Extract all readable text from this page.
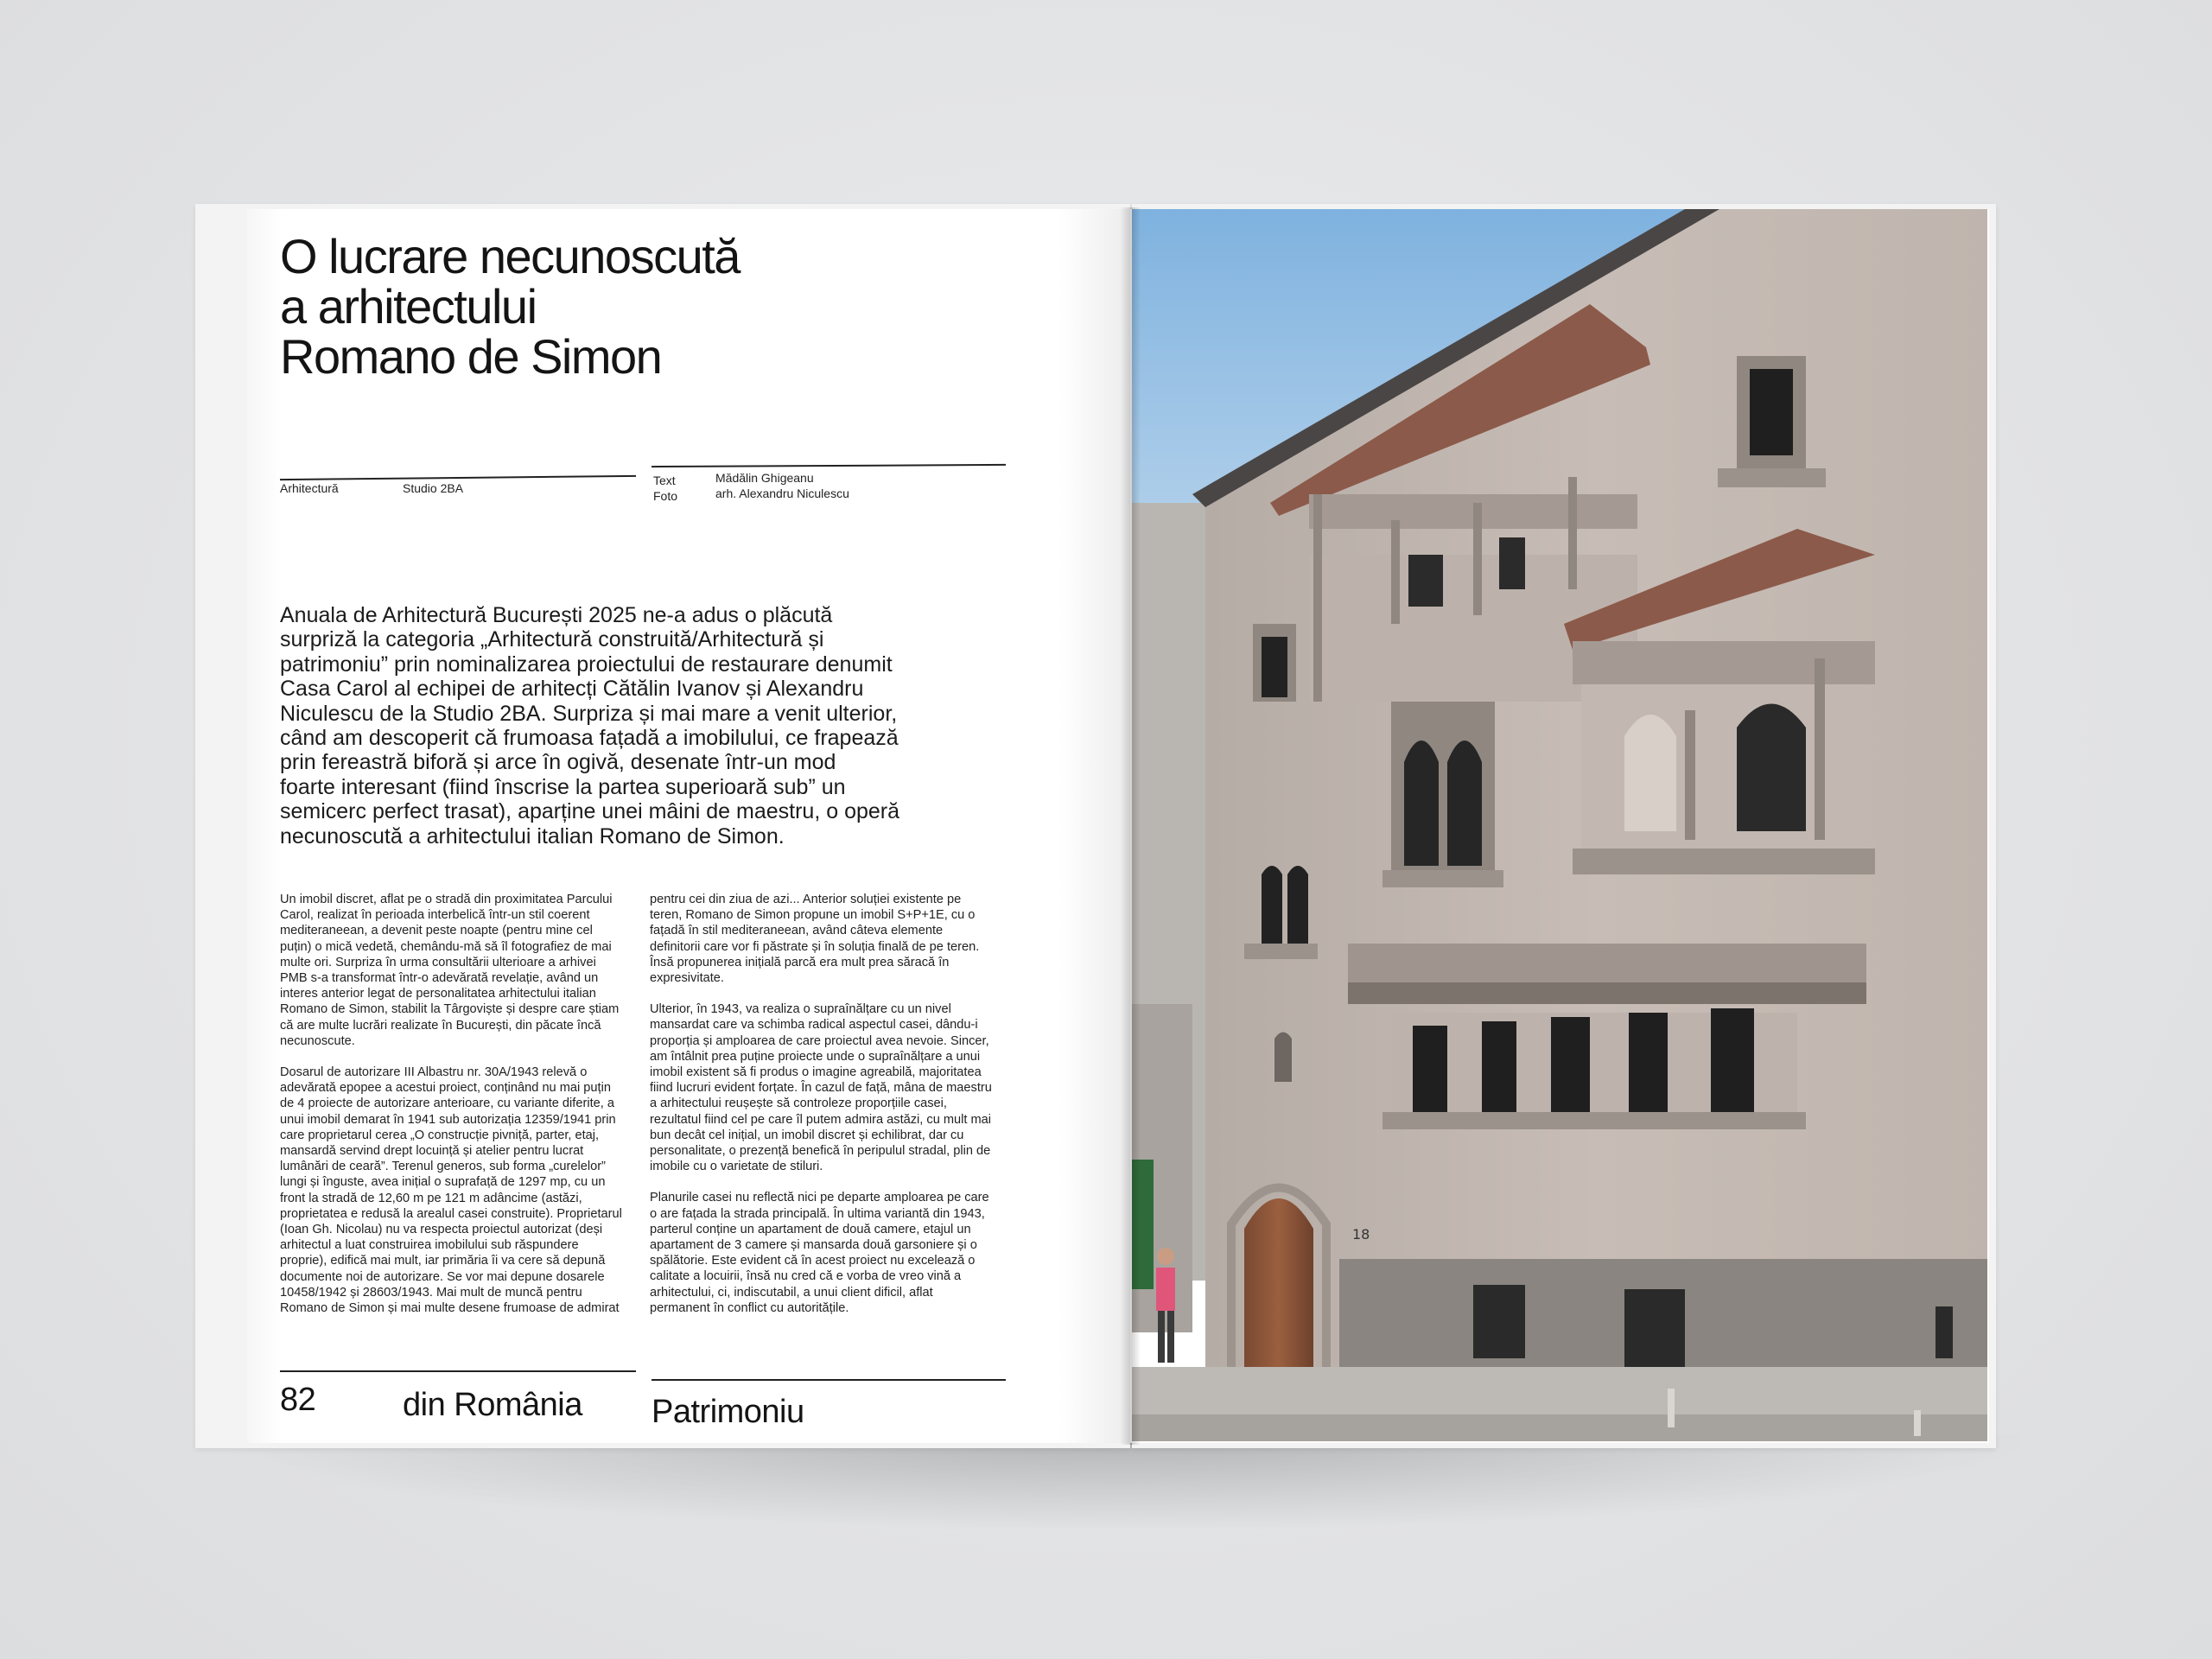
O lucrare necunoscută
a arhitectului
Romano de Simon
Arhitectură	Studio 2BA
Text	Mădălin Ghigeanu
Foto	arh. Alexandru Niculescu
Anuala de Arhitectură București 2025 ne-a adus o plăcută
surpriză la categoria „Arhitectură construită/Arhitectură și
patrimoniu” prin nominalizarea proiectului de restaurare denumit
Casa Carol al echipei de arhitecți Cătălin Ivanov și Alexandru
Niculescu de la Studio 2BA. Surpriza și mai mare a venit ulterior,
când am descoperit că frumoasa fațadă a imobilului, ce frapează
prin fereastră biforă și arce în ogivă, desenate într-un mod
foarte interesant (fiind înscrise la partea superioară sub” un
semicerc perfect trasat), aparține unei mâini de maestru, o operă
necunoscută a arhitectului italian Romano de Simon.

Un imobil discret, aflat pe o stradă din proximitatea Parcului Carol, realizat în perioada interbelică într-un stil coerent mediteraneean, a devenit peste noapte (pentru mine cel puțin) o mică vedetă, chemându-mă să îl fotografiez de mai multe ori. Surpriza în urma consultării ulterioare a arhivei PMB s-a transformat într-o adevărată revelație, având un interes anterior legat de personalitatea arhitectului italian Romano de Simon, stabilit la Târgoviște și despre care știam că are multe lucrări realizate în București, din păcate încă necunoscute.

Dosarul de autorizare III Albastru nr. 30A/1943 relevă o adevărată epopee a acestui proiect, conținând nu mai puțin de 4 proiecte de autorizare anterioare, cu variante diferite, a unui imobil demarat în 1941 sub autorizația 12359/1941 prin care proprietarul cerea „O construcție pivniță, parter, etaj, mansardă servind drept locuință și atelier pentru lucrat lumânări de ceară”. Terenul generos, sub forma „curelelor” lungi și înguste, avea inițial o suprafață de 1297 mp, cu un front la stradă de 12,60 m pe 121 m adâncime (astăzi, proprietatea e redusă la arealul casei construite). Proprietarul (Ioan Gh. Nicolau) nu va respecta proiectul autorizat (deși arhitectul a luat construirea imobilului sub răspundere proprie), edifică mai mult, iar primăria îi va cere să depună documente noi de autorizare. Se vor mai depune dosarele 10458/1942 și 28603/1943. Mai mult de muncă pentru Romano de Simon și mai multe desene frumoase de admirat

pentru cei din ziua de azi... Anterior soluției existente pe teren, Romano de Simon propune un imobil S+P+1E, cu o fațadă în stil mediteraneean, având câteva elemente definitorii care vor fi păstrate și în soluția finală de pe teren. Însă propunerea inițială parcă era mult prea săracă în expresivitate.

Ulterior, în 1943, va realiza o supraînălțare cu un nivel mansardat care va schimba radical aspectul casei, dându-i proporția și amploarea de care proiectul avea nevoie. Sincer, am întâlnit prea puține proiecte unde o supraînălțare a unui imobil existent să fi produs o imagine agreabilă, majoritatea fiind lucruri evident forțate. În cazul de față, mâna de maestru a arhitectului reușește să controleze proporțiile casei, rezultatul fiind cel pe care îl putem admira astăzi, cu mult mai bun decât cel inițial, un imobil discret și echilibrat, dar cu personalitate, o prezență benefică în peripulul stradal, plin de imobile cu o varietate de stiluri.

Planurile casei nu reflectă nici pe departe amploarea pe care o are fațada la strada principală. În ultima variantă din 1943, parterul conține un apartament de două camere, etajul un apartament de 3 camere și mansarda două garsoniere și o spălătorie. Este evident că în acest proiect nu excelează o calitate a locuirii, însă nu cred că e vorba de vreo vină a arhitectului, ci, indiscutabil, a unui client dificil, aflat permanent în conflict cu autoritățile.

82	din România Patrimoniu
18
